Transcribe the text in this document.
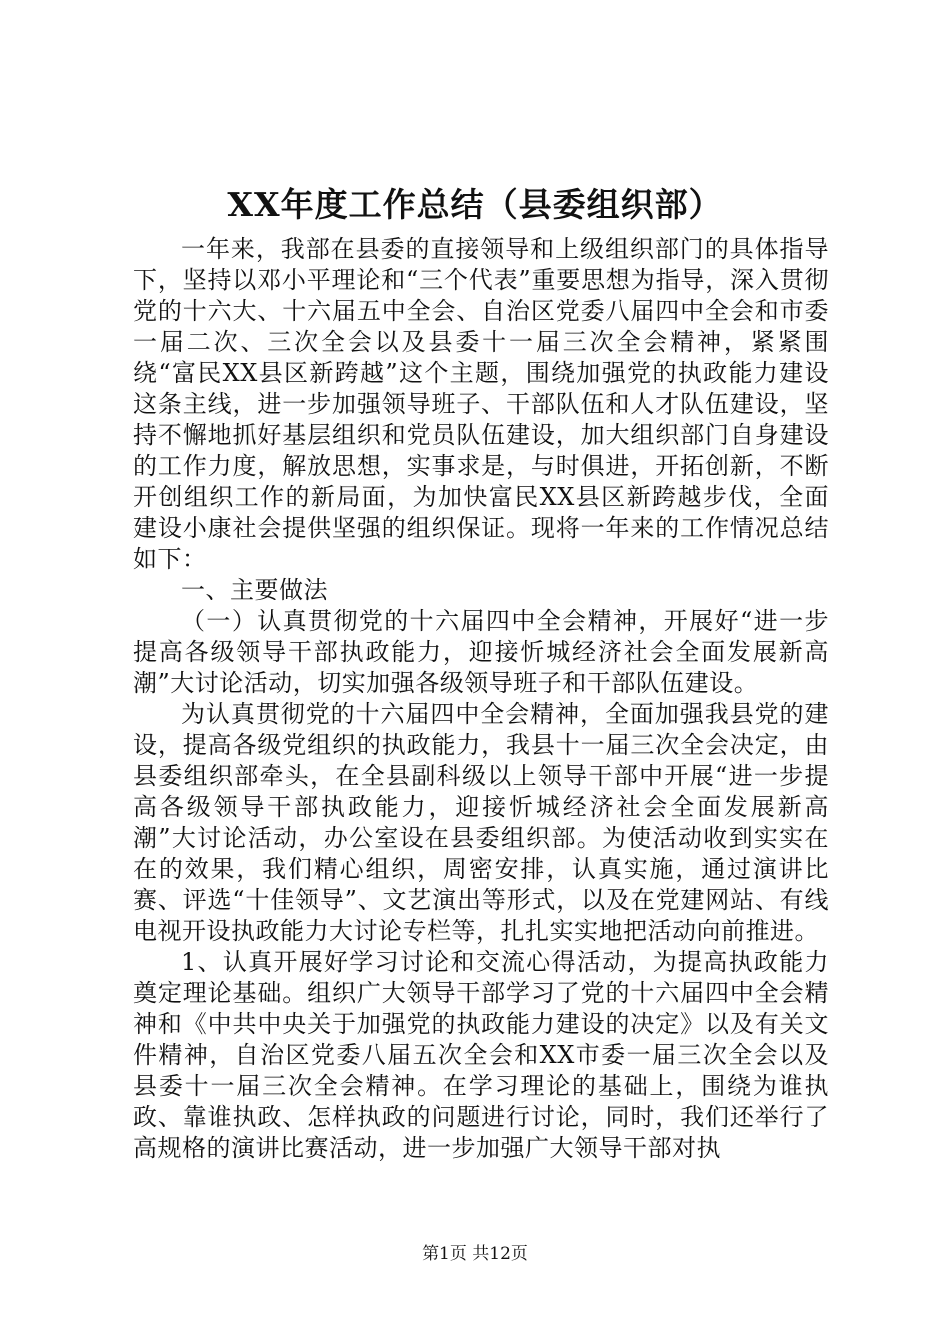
XX年度工作总结（县委组织部）

一年来，我部在县委的直接领导和上级组织部门的具体指导下，坚持以邓小平理论和“三个代表”重要思想为指导，深入贯彻党的十六大、十六届五中全会、自治区党委八届四中全会和市委一届二次、三次全会以及县委十一届三次全会精神，紧紧围绕“富民XX县区新跨越”这个主题，围绕加强党的执政能力建设这条主线，进一步加强领导班子、干部队伍和人才队伍建设，坚持不懈地抓好基层组织和党员队伍建设，加大组织部门自身建设的工作力度，解放思想，实事求是，与时俱进，开拓创新，不断开创组织工作的新局面，为加快富民XX县区新跨越步伐，全面建设小康社会提供坚强的组织保证。现将一年来的工作情况总结如下：

一、主要做法

（一）认真贯彻党的十六届四中全会精神，开展好“进一步提高各级领导干部执政能力，迎接忻城经济社会全面发展新高潮”大讨论活动，切实加强各级领导班子和干部队伍建设。

为认真贯彻党的十六届四中全会精神，全面加强我县党的建设，提高各级党组织的执政能力，我县十一届三次全会决定，由县委组织部牵头，在全县副科级以上领导干部中开展“进一步提高各级领导干部执政能力，迎接忻城经济社会全面发展新高潮”大讨论活动，办公室设在县委组织部。为使活动收到实实在在的效果，我们精心组织，周密安排，认真实施，通过演讲比赛、评选“十佳领导”、文艺演出等形式，以及在党建网站、有线电视开设执政能力大讨论专栏等，扎扎实实地把活动向前推进。

1、认真开展好学习讨论和交流心得活动，为提高执政能力奠定理论基础。组织广大领导干部学习了党的十六届四中全会精神和《中共中央关于加强党的执政能力建设的决定》以及有关文件精神，自治区党委八届五次全会和XX市委一届三次全会以及县委十一届三次全会精神。在学习理论的基础上，围绕为谁执政、靠谁执政、怎样执政的问题进行讨论，同时，我们还举行了高规格的演讲比赛活动，进一步加强广大领导干部对执

第1页 共12页
